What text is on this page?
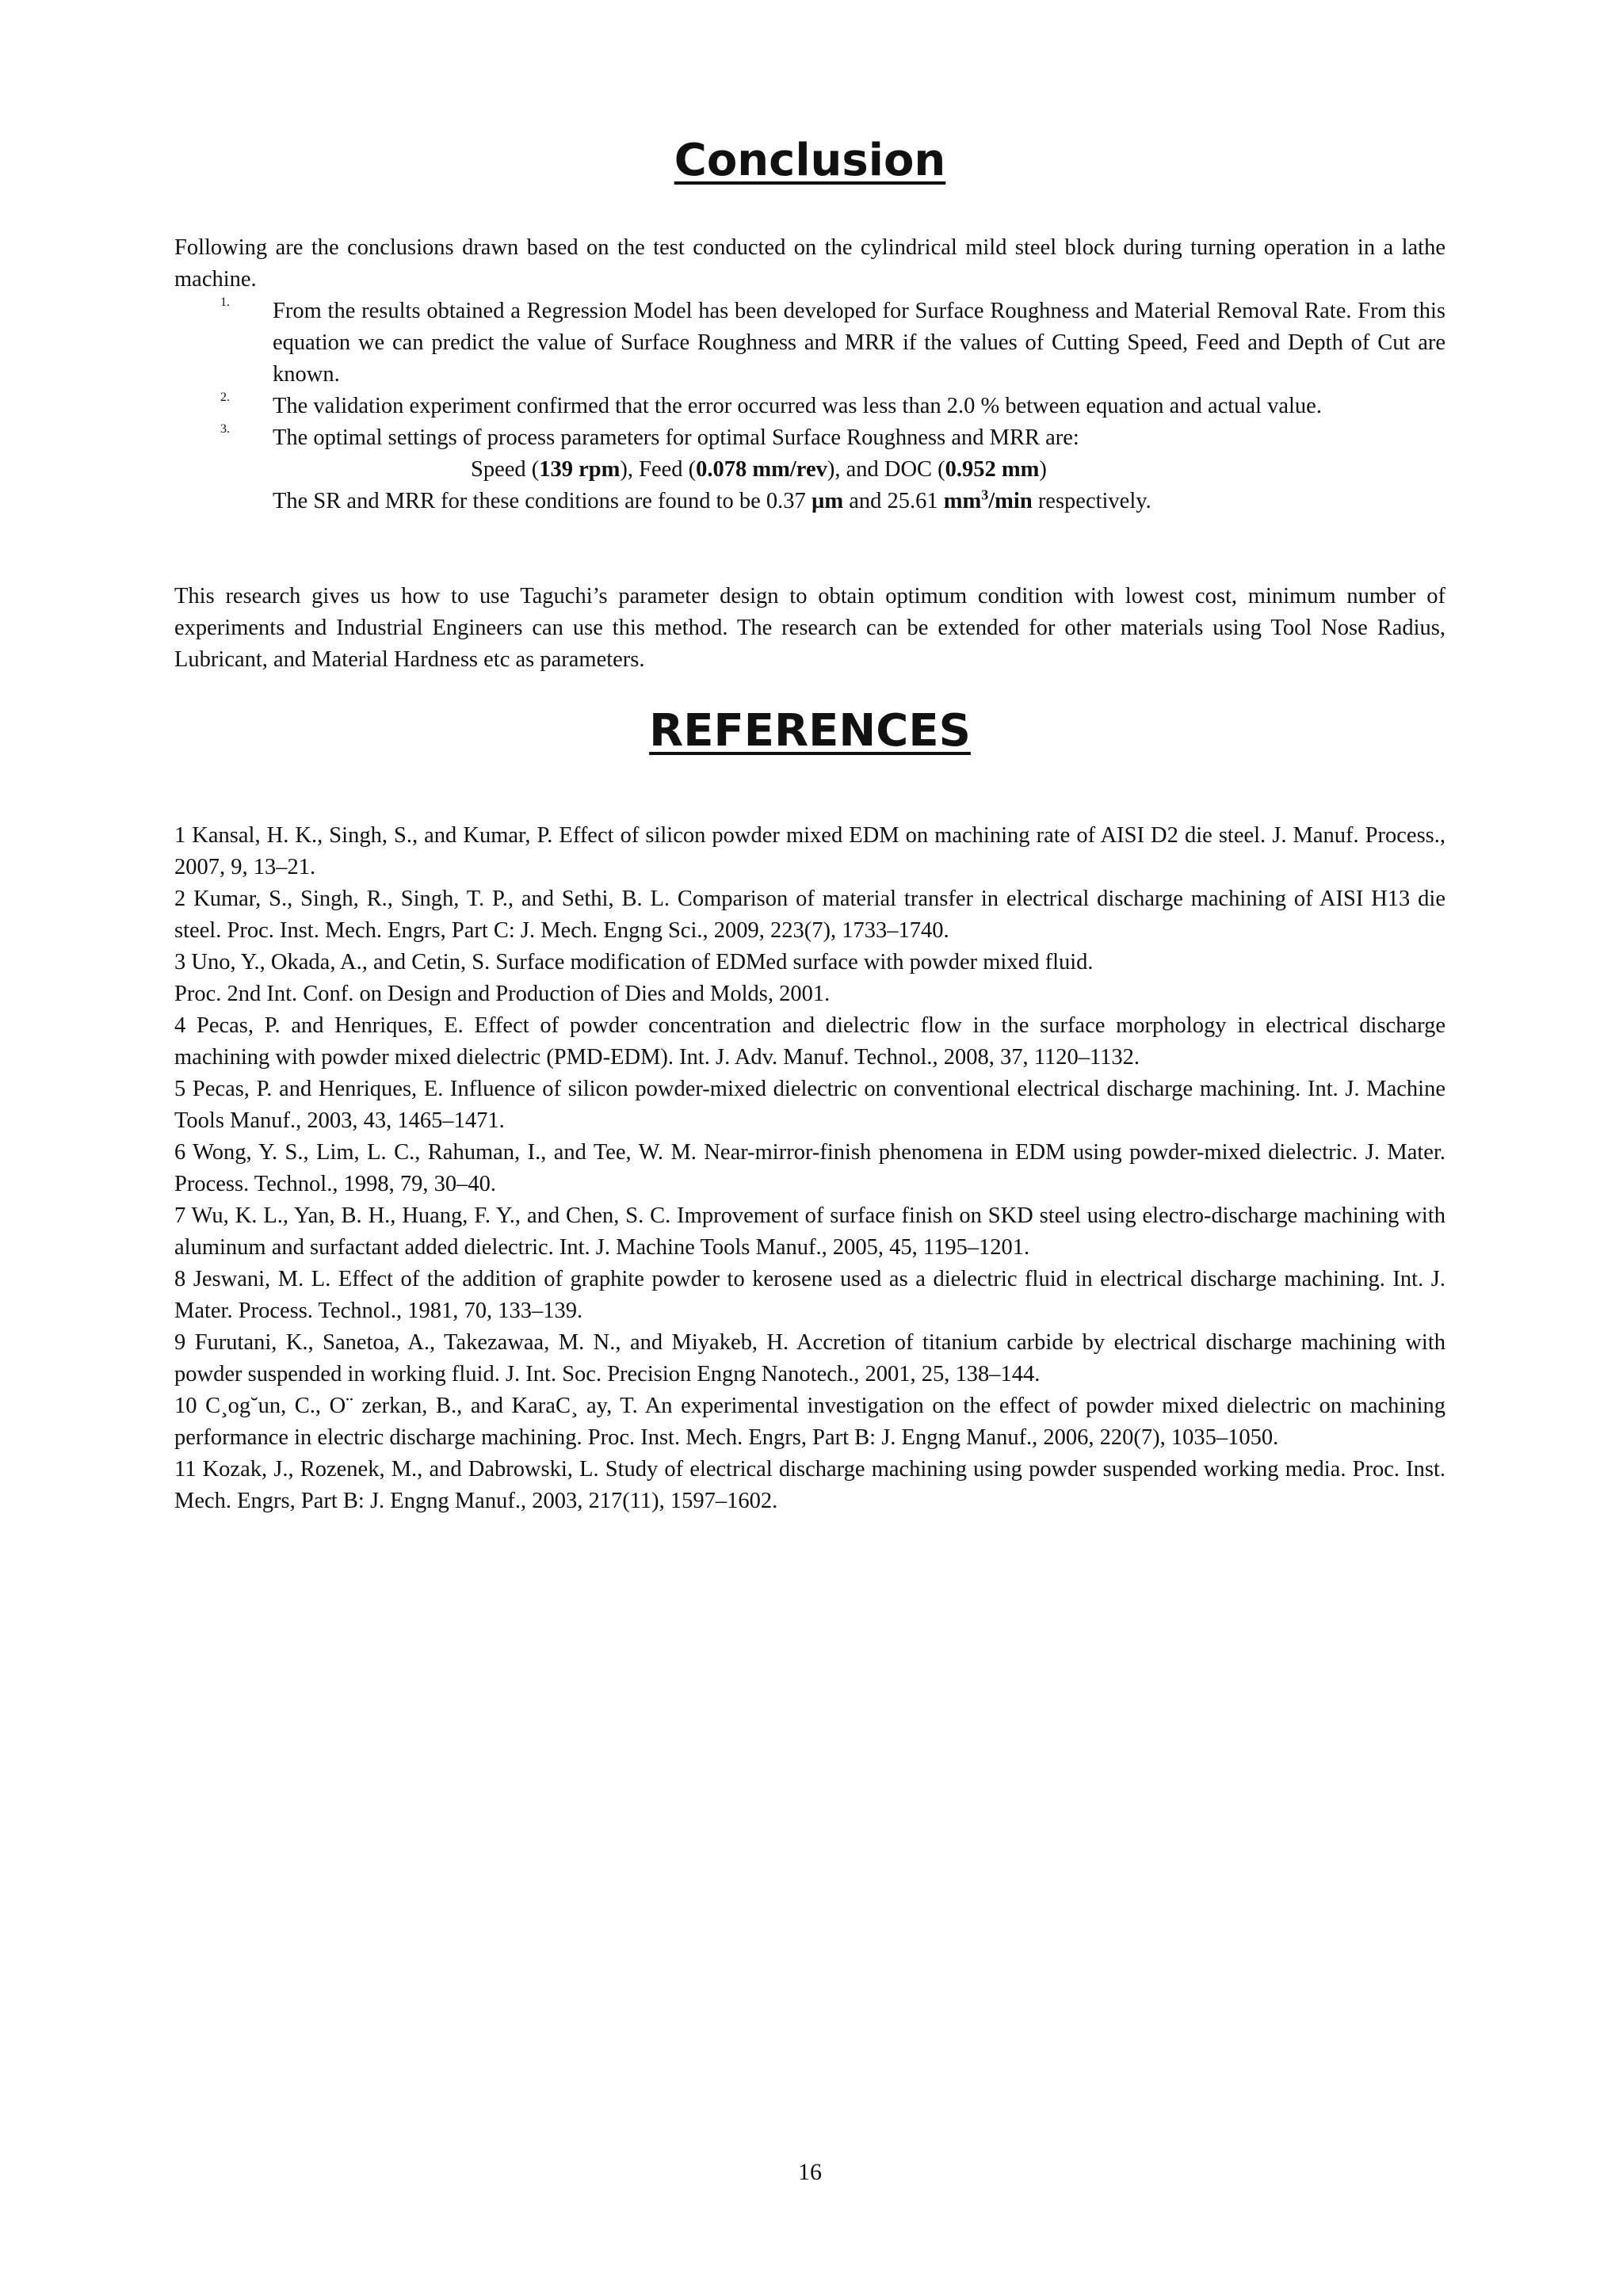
Conclusion

Following are the conclusions drawn based on the test conducted on the cylindrical mild steel block during turning operation in a lathe machine.

1. From the results obtained a Regression Model has been developed for Surface Roughness and Material Removal Rate. From this equation we can predict the value of Surface Roughness and MRR if the values of Cutting Speed, Feed and Depth of Cut are known.

2. The validation experiment confirmed that the error occurred was less than 2.0 % between equation and actual value.

3. The optimal settings of process parameters for optimal Surface Roughness and MRR are:

Speed (139 rpm), Feed (0.078 mm/rev), and DOC (0.952 mm)

The SR and MRR for these conditions are found to be 0.37 µm and 25.61 $mm^3/\min$ respectively.

This research gives us how to use Taguchi’s parameter design to obtain optimum condition with lowest cost, minimum number of experiments and Industrial Engineers can use this method. The research can be extended for other materials using Tool Nose Radius, Lubricant, and Material Hardness etc as parameters.

REFERENCES

1 Kansal, H. K., Singh, S., and Kumar, P. Effect of silicon powder mixed EDM on machining rate of AISI D2 die steel. J. Manuf. Process., 2007, 9, 13–21.

2 Kumar, S., Singh, R., Singh, T. P., and Sethi, B. L. Comparison of material transfer in electrical discharge machining of AISI H13 die steel. Proc. Inst. Mech. Engrs, Part C: J. Mech. Engng Sci., 2009, 223(7), 1733–1740.

3 Uno, Y., Okada, A., and Cetin, S. Surface modification of EDMed surface with powder mixed fluid.

Proc. 2nd Int. Conf. on Design and Production of Dies and Molds, 2001.

4 Pecas, P. and Henriques, E. Effect of powder concentration and dielectric flow in the surface morphology in electrical discharge machining with powder mixed dielectric (PMD-EDM). Int. J. Adv. Manuf. Technol., 2008, 37, 1120–1132.

5 Pecas, P. and Henriques, E. Influence of silicon powder-mixed dielectric on conventional electrical discharge machining. Int. J. Machine Tools Manuf., 2003, 43, 1465–1471.

6 Wong, Y. S., Lim, L. C., Rahuman, I., and Tee, W. M. Near-mirror-finish phenomena in EDM using powder-mixed dielectric. J. Mater. Process. Technol., 1998, 79, 30–40.

7 Wu, K. L., Yan, B. H., Huang, F. Y., and Chen, S. C. Improvement of surface finish on SKD steel using electro-discharge machining with aluminum and surfactant added dielectric. Int. J. Machine Tools Manuf., 2005, 45, 1195–1201.

8 Jeswani, M. L. Effect of the addition of graphite powder to kerosene used as a dielectric fluid in electrical discharge machining. Int. J. Mater. Process. Technol., 1981, 70, 133–139.

9 Furutani, K., Sanetoa, A., Takezawaa, M. N., and Miyakeb, H. Accretion of titanium carbide by electrical discharge machining with powder suspended in working fluid. J. Int. Soc. Precision Engng Nanotech., 2001, 25, 138–144.

10 C¸og˘un, C., O¨ zerkan, B., and KaraC¸ ay, T. An experimental investigation on the effect of powder mixed dielectric on machining performance in electric discharge machining. Proc. Inst. Mech. Engrs, Part B: J. Engng Manuf., 2006, 220(7), 1035–1050.

11 Kozak, J., Rozenek, M., and Dabrowski, L. Study of electrical discharge machining using powder suspended working media. Proc. Inst. Mech. Engrs, Part B: J. Engng Manuf., 2003, 217(11), 1597–1602.

16
